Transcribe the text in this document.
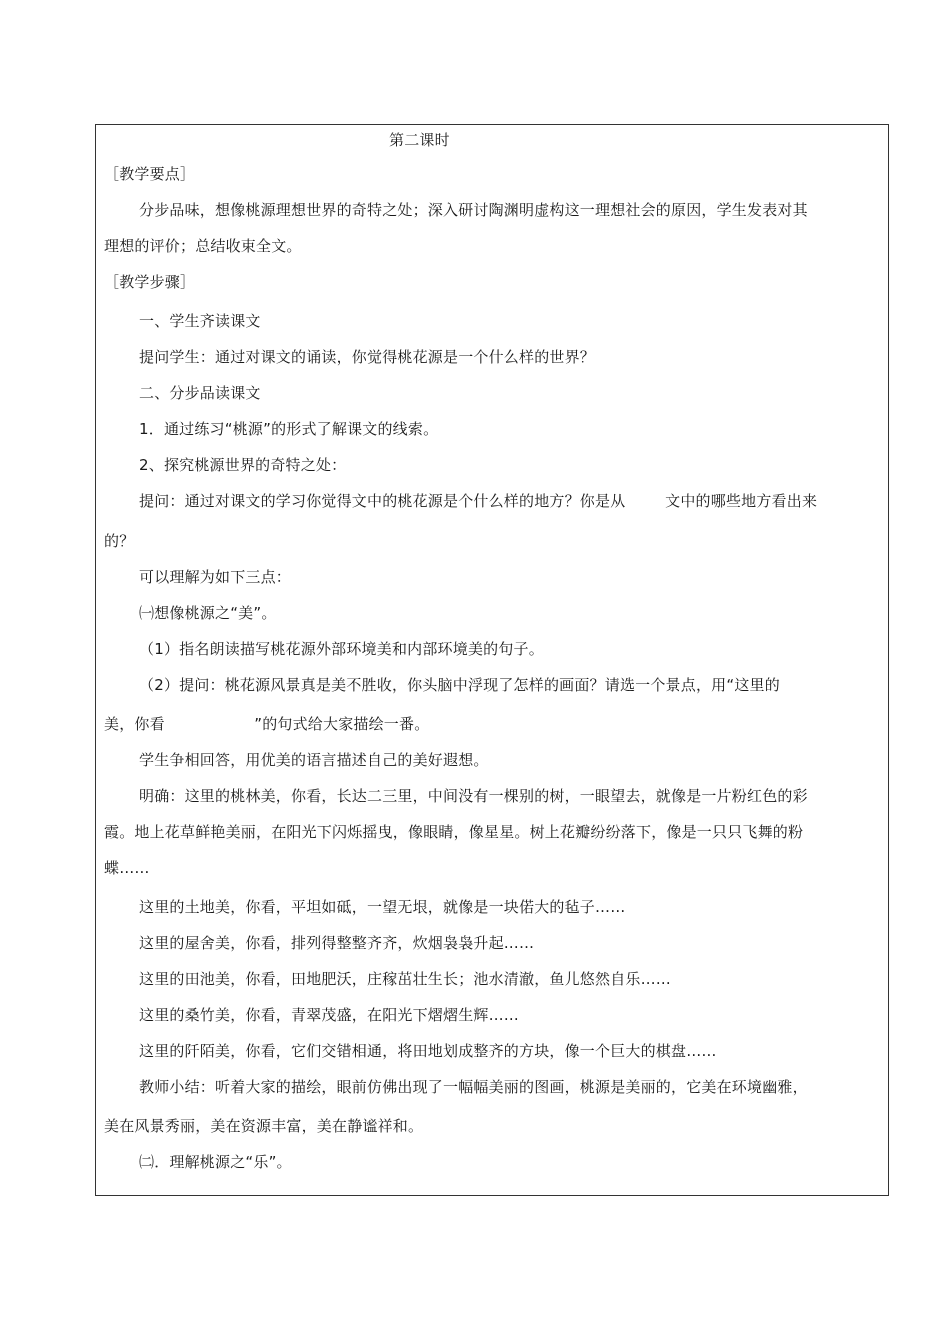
第二课时
［教学要点］
分步品味，想像桃源理想世界的奇特之处；深入研讨陶渊明虚构这一理想社会的原因，学生发表对其
理想的评价；总结收束全文。
［教学步骤］
一、学生齐读课文
提问学生：通过对课文的诵读，你觉得桃花源是一个什么样的世界？
二、分步品读课文
1．通过练习“桃源”的形式了解课文的线索。
2、探究桃源世界的奇特之处：
提问：通过对课文的学习你觉得文中的桃花源是个什么样的地方？你是从        文中的哪些地方看出来
的？
可以理解为如下三点：
㈠想像桃源之“美”。
（1）指名朗读描写桃花源外部环境美和内部环境美的句子。
（2）提问：桃花源风景真是美不胜收，你头脑中浮现了怎样的画面？请选一个景点，用“这里的
美，你看                  ”的句式给大家描绘一番。
学生争相回答，用优美的语言描述自己的美好遐想。
明确：这里的桃林美，你看，长达二三里，中间没有一棵别的树，一眼望去，就像是一片粉红色的彩
霞。地上花草鲜艳美丽，在阳光下闪烁摇曳，像眼睛，像星星。树上花瓣纷纷落下，像是一只只飞舞的粉
蝶……
这里的土地美，你看，平坦如砥，一望无垠，就像是一块偌大的毡子……
这里的屋舍美，你看，排列得整整齐齐，炊烟袅袅升起……
这里的田池美，你看，田地肥沃，庄稼茁壮生长；池水清澈，鱼儿悠然自乐……
这里的桑竹美，你看，青翠茂盛，在阳光下熠熠生辉……
这里的阡陌美，你看，它们交错相通，将田地划成整齐的方块，像一个巨大的棋盘……
教师小结：听着大家的描绘，眼前仿佛出现了一幅幅美丽的图画，桃源是美丽的，它美在环境幽雅，
美在风景秀丽，美在资源丰富，美在静谧祥和。
㈡．理解桃源之“乐”。
